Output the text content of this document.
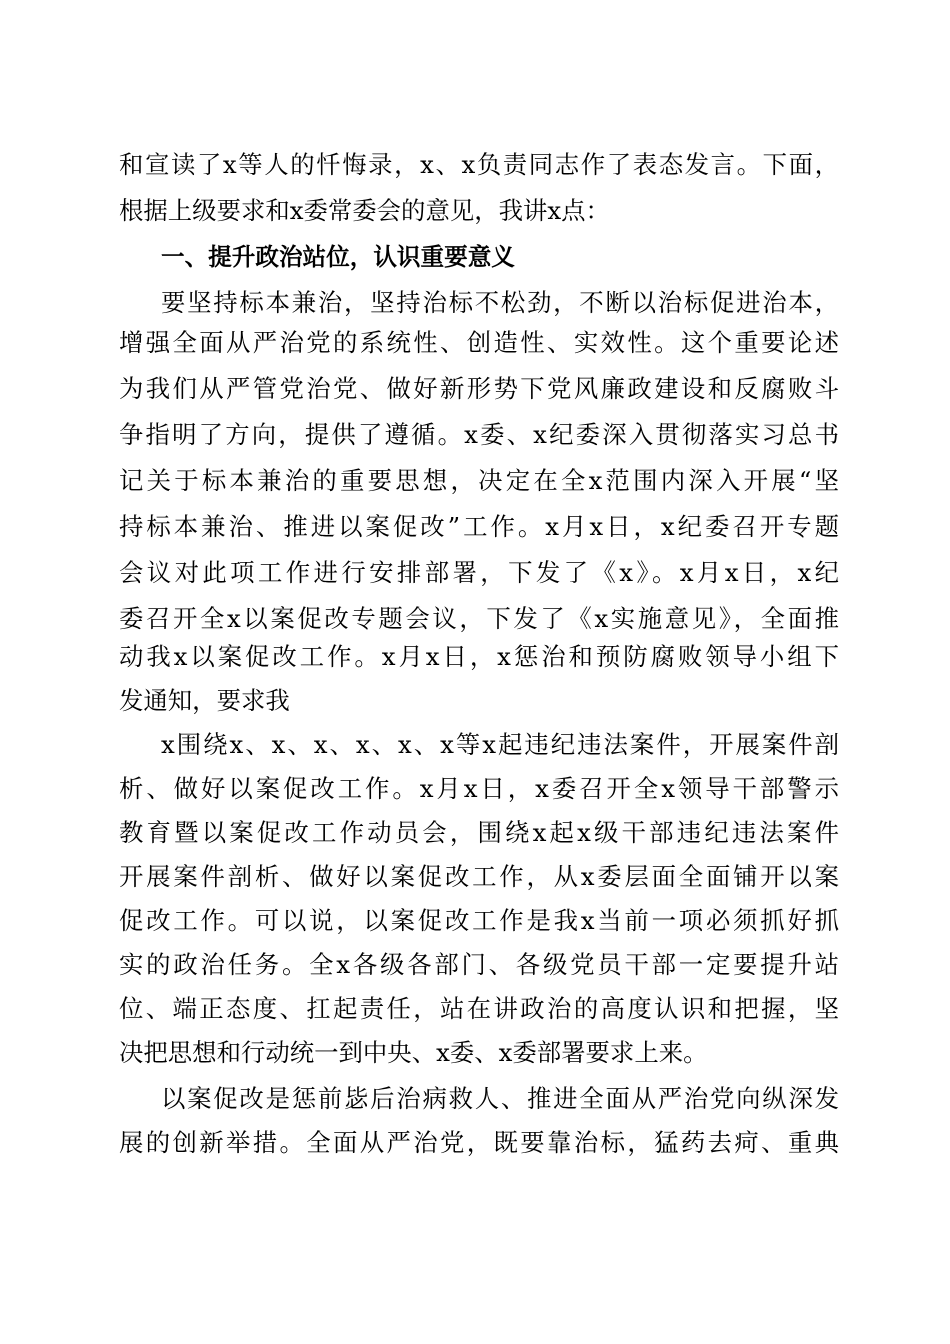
和宣读了x等人的忏悔录，x、x负责同志作了表态发言。下面，
根据上级要求和x委常委会的意见，我讲x点：
一、提升政治站位，认识重要意义
要坚持标本兼治，坚持治标不松劲，不断以治标促进治本，
增强全面从严治党的系统性、创造性、实效性。这个重要论述
为我们从严管党治党、做好新形势下党风廉政建设和反腐败斗
争指明了方向，提供了遵循。x委、x纪委深入贯彻落实习总书
记关于标本兼治的重要思想，决定在全x范围内深入开展“坚
持标本兼治、推进以案促改”工作。x月x日，x纪委召开专题
会议对此项工作进行安排部署，下发了《x》。x月x日，x纪
委召开全x以案促改专题会议，下发了《x实施意见》，全面推
动我x以案促改工作。x月x日，x惩治和预防腐败领导小组下
发通知，要求我
x围绕x、x、x、x、x、x等x起违纪违法案件，开展案件剖
析、做好以案促改工作。x月x日，x委召开全x领导干部警示
教育暨以案促改工作动员会，围绕x起x级干部违纪违法案件
开展案件剖析、做好以案促改工作，从x委层面全面铺开以案
促改工作。可以说，以案促改工作是我x当前一项必须抓好抓
实的政治任务。全x各级各部门、各级党员干部一定要提升站
位、端正态度、扛起责任，站在讲政治的高度认识和把握，坚
决把思想和行动统一到中央、x委、x委部署要求上来。
以案促改是惩前毖后治病救人、推进全面从严治党向纵深发
展的创新举措。全面从严治党，既要靠治标，猛药去疴、重典
